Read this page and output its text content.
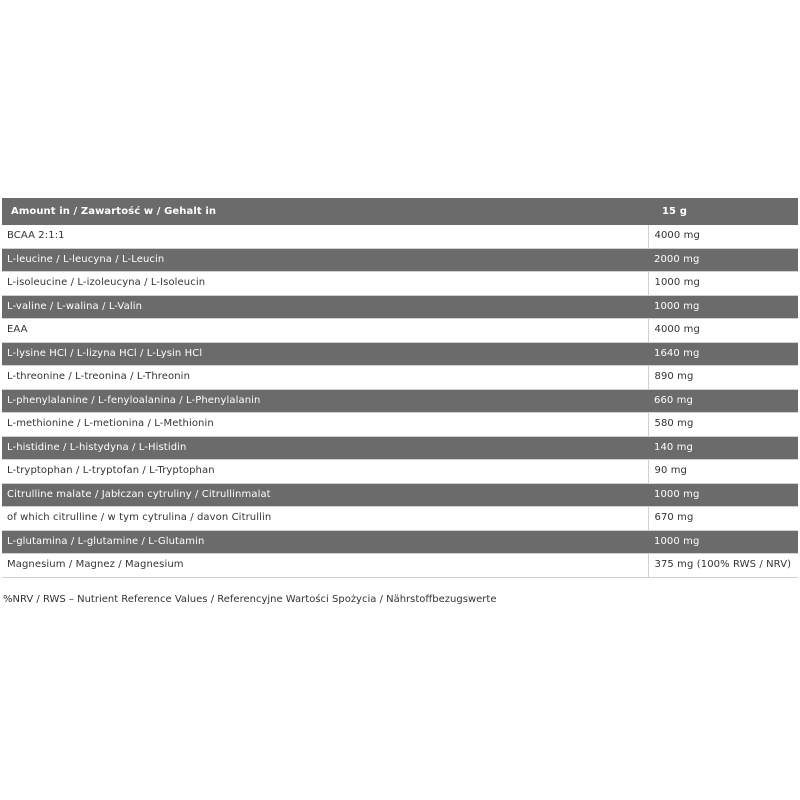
Amount in / Zawartość w / Gehalt in	15 g
BCAA 2:1:1	4000 mg
L-leucine / L-leucyna / L-Leucin	2000 mg
L-isoleucine / L-izoleucyna / L-Isoleucin	1000 mg
L-valine / L-walina / L-Valin	1000 mg
EAA	4000 mg
L-lysine HCl / L-lizyna HCl / L-Lysin HCl	1640 mg
L-threonine / L-treonina / L-Threonin	890 mg
L-phenylalanine / L-fenyloalanina / L-Phenylalanin	660 mg
L-methionine / L-metionina / L-Methionin	580 mg
L-histidine / L-histydyna / L-Histidin	140 mg
L-tryptophan / L-tryptofan / L-Tryptophan	90 mg
Citrulline malate / Jabłczan cytruliny / Citrullinmalat	1000 mg
of which citrulline / w tym cytrulina / davon Citrullin	670 mg
L-glutamina / L-glutamine / L-Glutamin	1000 mg
Magnesium / Magnez / Magnesium	375 mg (100% RWS / NRV)
%NRV / RWS – Nutrient Reference Values / Referencyjne Wartości Spożycia / Nährstoffbezugswerte
